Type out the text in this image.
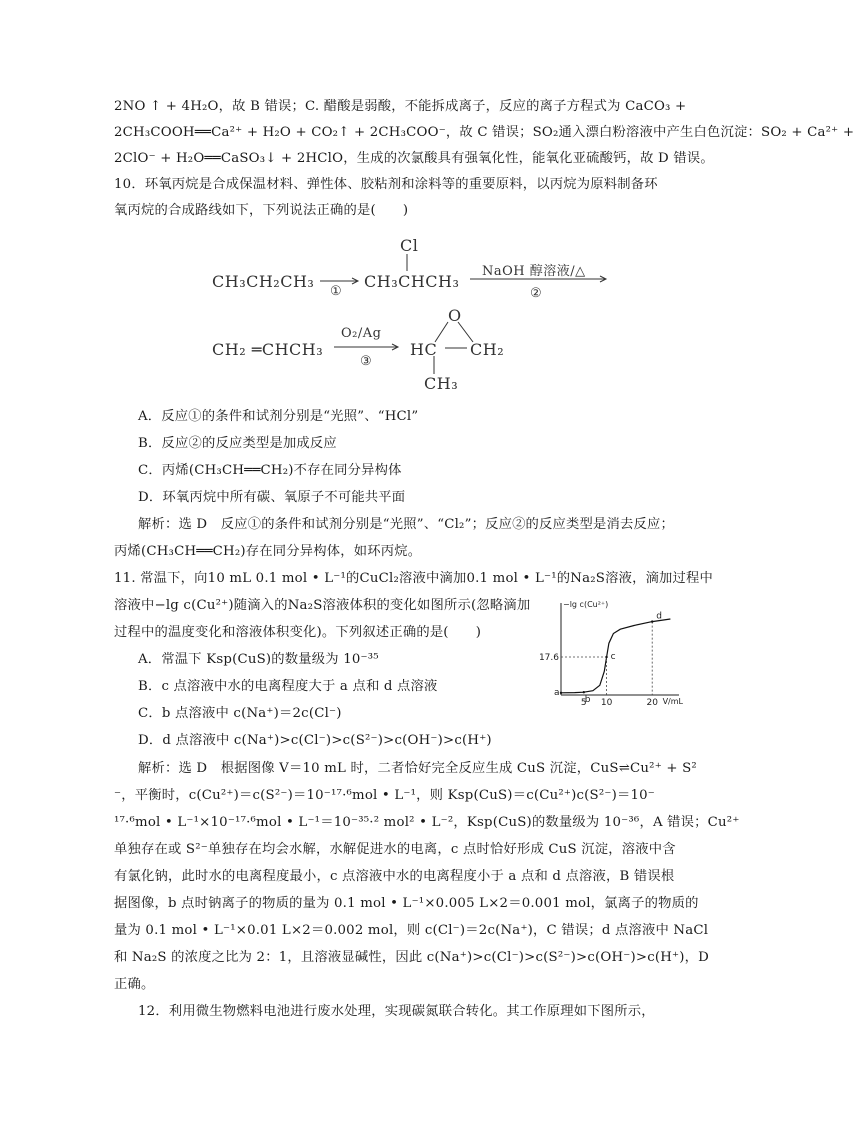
2NO ↑ + 4H₂O，故 B 错误；C. 醋酸是弱酸，不能拆成离子，反应的离子方程式为 CaCO₃ +
2CH₃COOH══Ca²⁺ + H₂O + CO₂↑ + 2CH₃COO⁻，故 C 错误；SO₂通入漂白粉溶液中产生白色沉淀：SO₂ + Ca²⁺ +
2ClO⁻ + H₂O══CaSO₃↓ + 2HClO，生成的次氯酸具有强氧化性，能氧化亚硫酸钙，故 D 错误。
10．环氧丙烷是合成保温材料、弹性体、胶粘剂和涂料等的重要原料，以丙烷为原料制备环
氧丙烷的合成路线如下，下列说法正确的是(　　)
CH₃CH₂CH₃
①
Cl
CH₃CHCH₃
NaOH 醇溶液/△
②
CH₂ ═CHCH₃
O₂/Ag
③
O
HC CH₂
CH₃
A．反应①的条件和试剂分别是“光照”、“HCl”
B．反应②的反应类型是加成反应
C．丙烯(CH₃CH══CH₂)不存在同分异构体
D．环氧丙烷中所有碳、氧原子不可能共平面
解析：选 D　反应①的条件和试剂分别是“光照”、“Cl₂”；反应②的反应类型是消去反应；
丙烯(CH₃CH══CH₂)存在同分异构体，如环丙烷。
11. 常温下，向10 mL 0.1 mol • L⁻¹的CuCl₂溶液中滴加0.1 mol • L⁻¹的Na₂S溶液，滴加过程中
溶液中−lg c(Cu²⁺)随滴入的Na₂S溶液体积的变化如图所示(忽略滴加
过程中的温度变化和溶液体积变化)。下列叙述正确的是(　　)
A．常温下 Ksp(CuS)的数量级为 10⁻³⁵
B．c 点溶液中水的电离程度大于 a 点和 d 点溶液
C．b 点溶液中 c(Na⁺)＝2c(Cl⁻)
D．d 点溶液中 c(Na⁺)>c(Cl⁻)>c(S²⁻)>c(OH⁻)>c(H⁺)
−lg c(Cu²⁺)
V/mL
5 10	20
17.6
a
b
c
d
解析：选 D　根据图像 V＝10 mL 时，二者恰好完全反应生成 CuS 沉淀，CuS⇌Cu²⁺ + S²
⁻，平衡时，c(Cu²⁺)＝c(S²⁻)＝10⁻¹⁷·⁶mol • L⁻¹，则 Ksp(CuS)＝c(Cu²⁺)c(S²⁻)＝10⁻
¹⁷·⁶mol • L⁻¹×10⁻¹⁷·⁶mol • L⁻¹＝10⁻³⁵·² mol² • L⁻²，Ksp(CuS)的数量级为 10⁻³⁶，A 错误；Cu²⁺
单独存在或 S²⁻单独存在均会水解，水解促进水的电离，c 点时恰好形成 CuS 沉淀，溶液中含
有氯化钠，此时水的电离程度最小，c 点溶液中水的电离程度小于 a 点和 d 点溶液，B 错误根
据图像，b 点时钠离子的物质的量为 0.1 mol • L⁻¹×0.005 L×2＝0.001 mol，氯离子的物质的
量为 0.1 mol • L⁻¹×0.01 L×2＝0.002 mol，则 c(Cl⁻)＝2c(Na⁺)，C 错误；d 点溶液中 NaCl
和 Na₂S 的浓度之比为 2：1，且溶液显碱性，因此 c(Na⁺)>c(Cl⁻)>c(S²⁻)>c(OH⁻)>c(H⁺)，D
正确。
12．利用微生物燃料电池进行废水处理，实现碳氮联合转化。其工作原理如下图所示，
